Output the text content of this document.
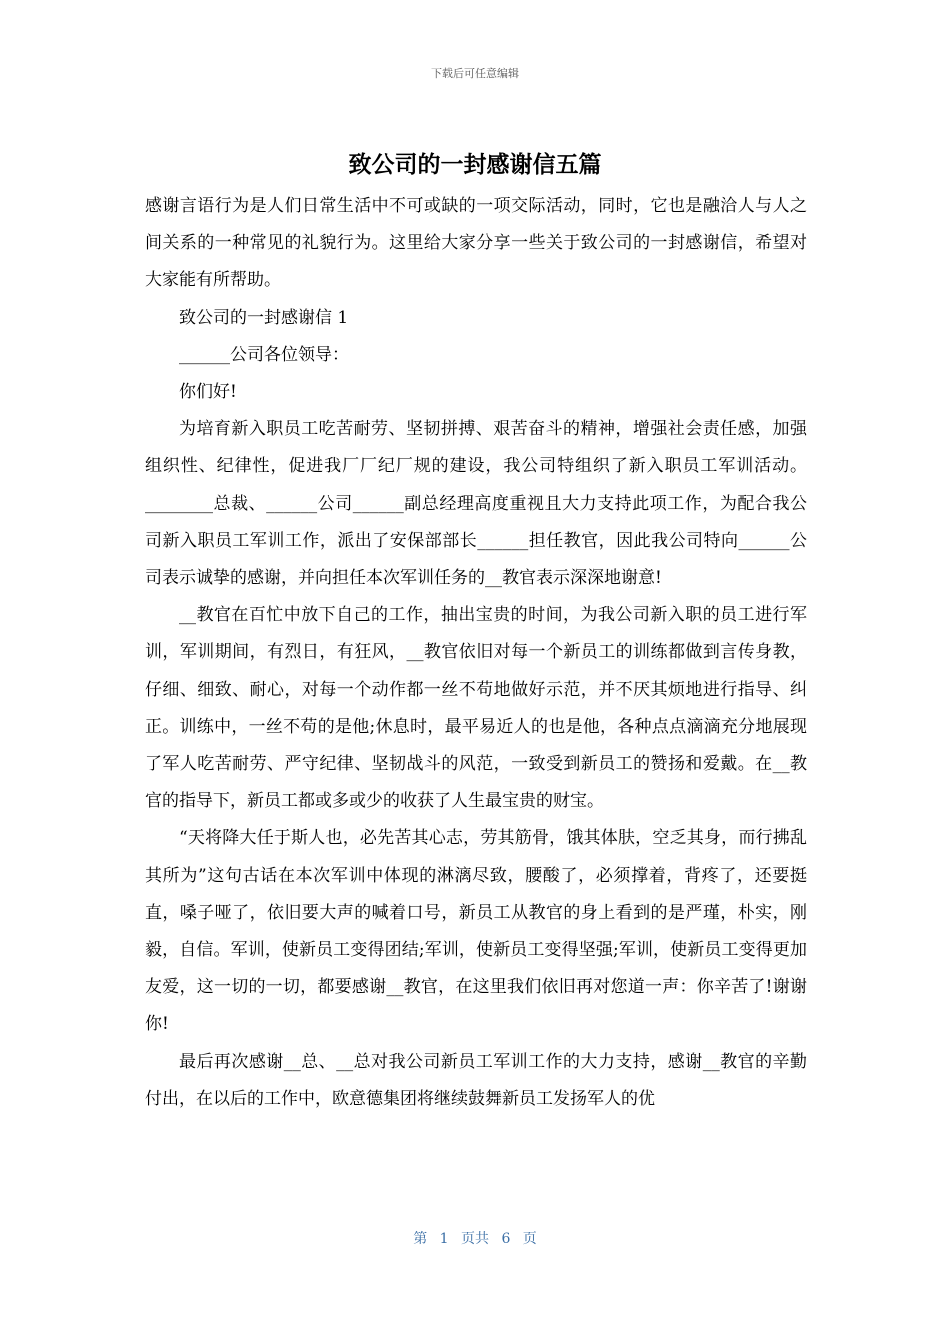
下载后可任意编辑
致公司的一封感谢信五篇

感谢言语行为是人们日常生活中不可或缺的一项交际活动，同时，它也是融洽人与人之间关系的一种常见的礼貌行为。这里给大家分享一些关于致公司的一封感谢信，希望对大家能有所帮助。

致公司的一封感谢信 1

______公司各位领导：

你们好!

为培育新入职员工吃苦耐劳、坚韧拼搏、艰苦奋斗的精神，增强社会责任感，加强组织性、纪律性，促进我厂厂纪厂规的建设，我公司特组织了新入职员工军训活动。________总裁、______公司______副总经理高度重视且大力支持此项工作，为配合我公司新入职员工军训工作，派出了安保部部长______担任教官，因此我公司特向______公司表示诚挚的感谢，并向担任本次军训任务的__教官表示深深地谢意!

__教官在百忙中放下自己的工作，抽出宝贵的时间，为我公司新入职的员工进行军训，军训期间，有烈日，有狂风，__教官依旧对每一个新员工的训练都做到言传身教，仔细、细致、耐心，对每一个动作都一丝不苟地做好示范，并不厌其烦地进行指导、纠正。训练中，一丝不苟的是他;休息时，最平易近人的也是他，各种点点滴滴充分地展现了军人吃苦耐劳、严守纪律、坚韧战斗的风范，一致受到新员工的赞扬和爱戴。在__教官的指导下，新员工都或多或少的收获了人生最宝贵的财宝。

“天将降大任于斯人也，必先苦其心志，劳其筋骨，饿其体肤，空乏其身，而行拂乱其所为”这句古话在本次军训中体现的淋漓尽致，腰酸了，必须撑着，背疼了，还要挺直，嗓子哑了，依旧要大声的喊着口号，新员工从教官的身上看到的是严瑾，朴实，刚毅，自信。军训，使新员工变得团结;军训，使新员工变得坚强;军训，使新员工变得更加友爱，这一切的一切，都要感谢__教官，在这里我们依旧再对您道一声：你辛苦了!谢谢你!

最后再次感谢__总、__总对我公司新员工军训工作的大力支持，感谢__教官的辛勤付出，在以后的工作中，欧意德集团将继续鼓舞新员工发扬军人的优

第 1 页共 6 页
